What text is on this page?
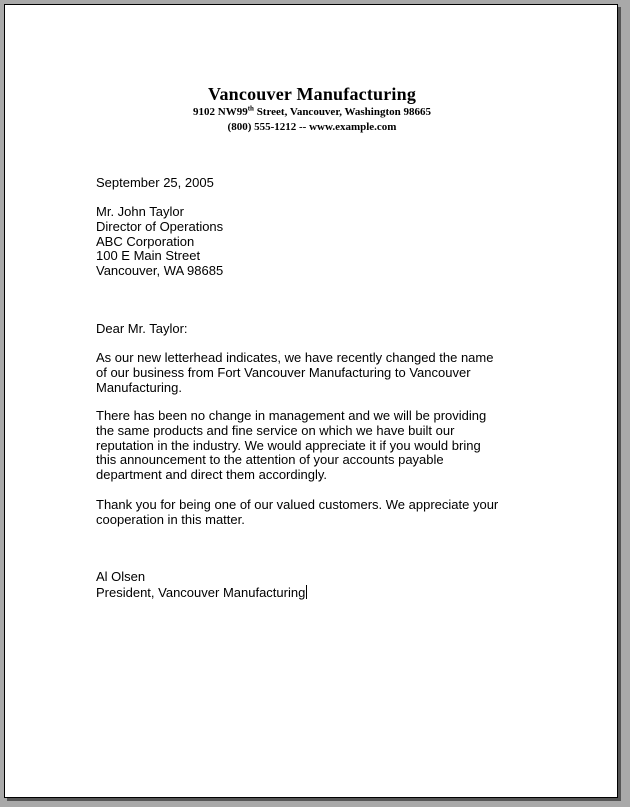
Vancouver Manufacturing
9102 NW99th Street, Vancouver, Washington 98665
(800) 555-1212 -- www.example.com
September 25, 2005
Mr. John Taylor
Director of Operations
ABC Corporation
100 E Main Street
Vancouver, WA 98685
Dear Mr. Taylor:
As our new letterhead indicates, we have recently changed the name
of our business from Fort Vancouver Manufacturing to Vancouver
Manufacturing.
There has been no change in management and we will be providing
the same products and fine service on which we have built our
reputation in the industry. We would appreciate it if you would bring
this announcement to the attention of your accounts payable
department and direct them accordingly.
Thank you for being one of our valued customers. We appreciate your
cooperation in this matter.
Al Olsen
President, Vancouver Manufacturing
